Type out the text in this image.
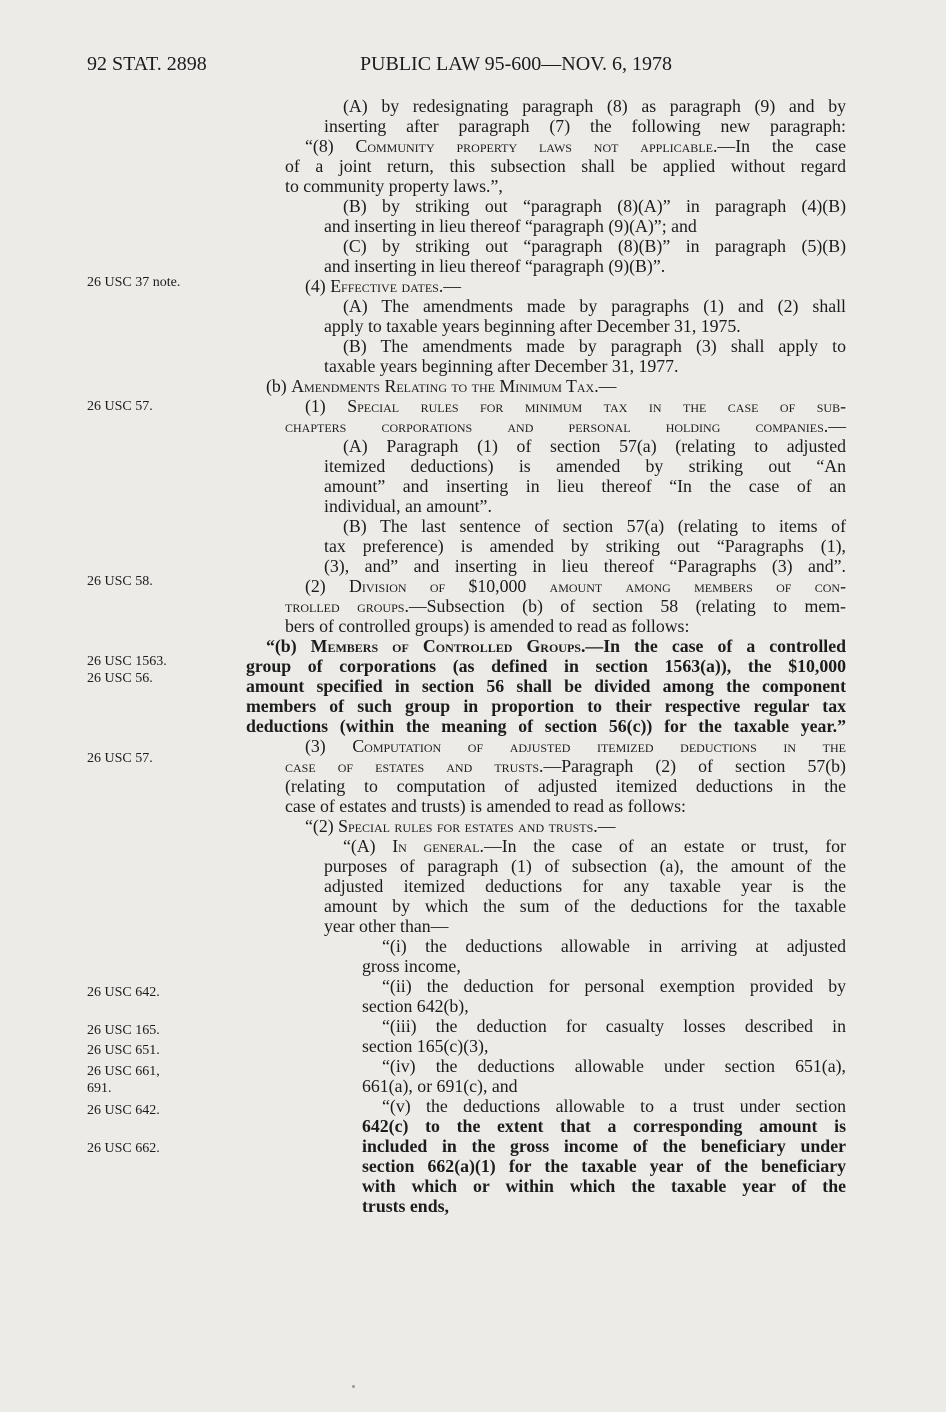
92 STAT. 2898	PUBLIC LAW 95-600—NOV. 6, 1978
26 USC 37 note.
26 USC 57.
26 USC 58.
26 USC 1563.
26 USC 56.
26 USC 57.
26 USC 642.
26 USC 165.
26 USC 651.
26 USC 661,
691.
26 USC 642.
26 USC 662.
(A) by redesignating paragraph (8) as paragraph (9) and by
inserting after paragraph (7) the following new paragraph:
“(8) Community property laws not applicable.—In the case
of a joint return, this subsection shall be applied without regard
to community property laws.”,
(B) by striking out “paragraph (8)(A)” in paragraph (4)(B)
and inserting in lieu thereof “paragraph (9)(A)”; and
(C) by striking out “paragraph (8)(B)” in paragraph (5)(B)
and inserting in lieu thereof “paragraph (9)(B)”.
(4) Effective dates.—
(A) The amendments made by paragraphs (1) and (2) shall
apply to taxable years beginning after December 31, 1975.
(B) The amendments made by paragraph (3) shall apply to
taxable years beginning after December 31, 1977.
(b) Amendments Relating to the Minimum Tax.—
(1) Special rules for minimum tax in the case of sub-
chapters corporations and personal holding companies.—
(A) Paragraph (1) of section 57(a) (relating to adjusted
itemized deductions) is amended by striking out “An
amount” and inserting in lieu thereof “In the case of an
individual, an amount”.
(B) The last sentence of section 57(a) (relating to items of
tax preference) is amended by striking out “Paragraphs (1),
(3), and” and inserting in lieu thereof “Paragraphs (3) and”.
(2) Division of $10,000 amount among members of con-
trolled groups.—Subsection (b) of section 58 (relating to mem-
bers of controlled groups) is amended to read as follows:
“(b) Members of Controlled Groups.—In the case of a controlled
group of corporations (as defined in section 1563(a)), the $10,000
amount specified in section 56 shall be divided among the component
members of such group in proportion to their respective regular tax
deductions (within the meaning of section 56(c)) for the taxable year.”
(3) Computation of adjusted itemized deductions in the
case of estates and trusts.—Paragraph (2) of section 57(b)
(relating to computation of adjusted itemized deductions in the
case of estates and trusts) is amended to read as follows:
“(2) Special rules for estates and trusts.—
“(A) In general.—In the case of an estate or trust, for
purposes of paragraph (1) of subsection (a), the amount of the
adjusted itemized deductions for any taxable year is the
amount by which the sum of the deductions for the taxable
year other than—
“(i) the deductions allowable in arriving at adjusted
gross income,
“(ii) the deduction for personal exemption provided by
section 642(b),
“(iii) the deduction for casualty losses described in
section 165(c)(3),
“(iv) the deductions allowable under section 651(a),
661(a), or 691(c), and
“(v) the deductions allowable to a trust under section
642(c) to the extent that a corresponding amount is
included in the gross income of the beneficiary under
section 662(a)(1) for the taxable year of the beneficiary
with which or within which the taxable year of the
trusts ends,
